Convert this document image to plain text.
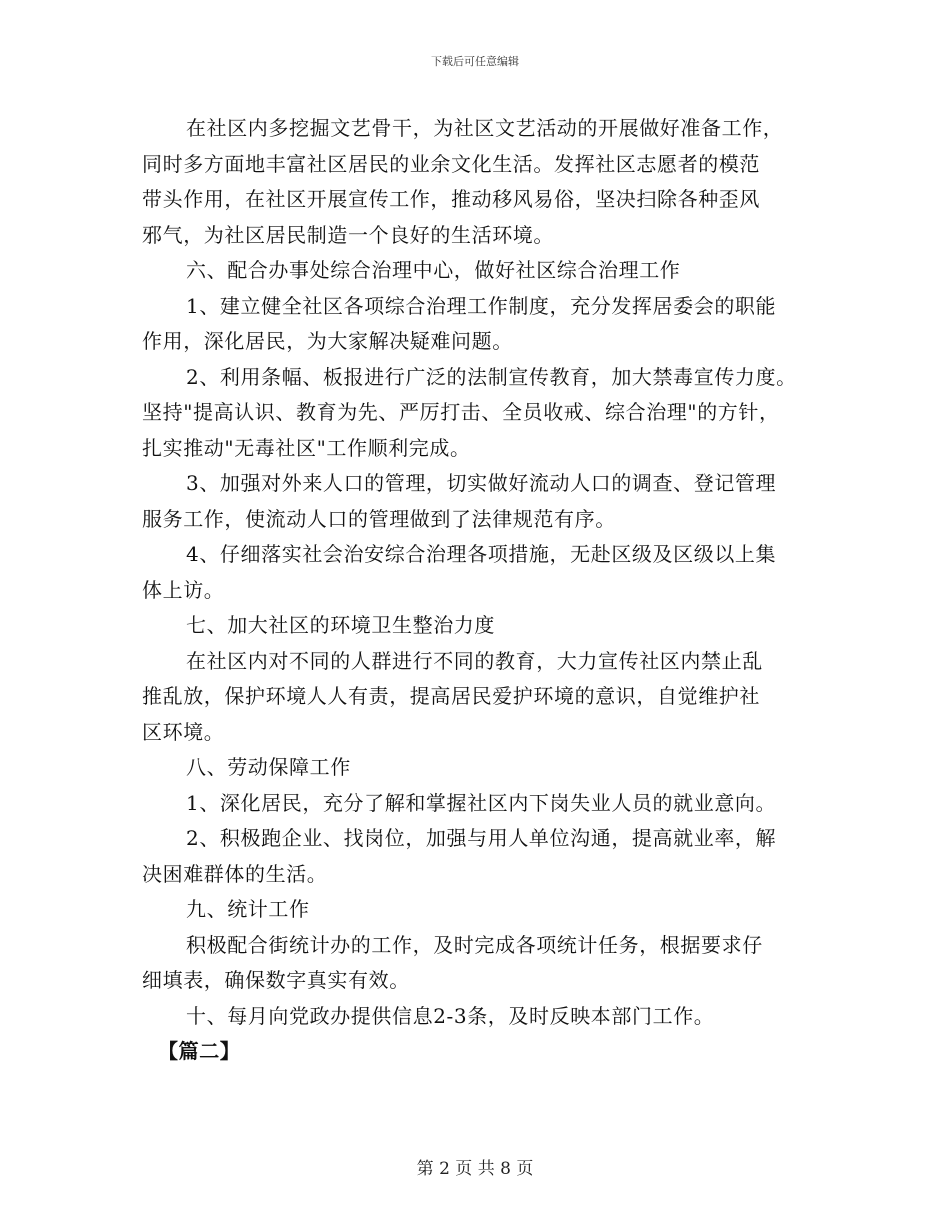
下载后可任意编辑
在社区内多挖掘文艺骨干，为社区文艺活动的开展做好准备工作，
同时多方面地丰富社区居民的业余文化生活。发挥社区志愿者的模范
带头作用，在社区开展宣传工作，推动移风易俗，坚决扫除各种歪风
邪气，为社区居民制造一个良好的生活环境。
六、配合办事处综合治理中心，做好社区综合治理工作
1、建立健全社区各项综合治理工作制度，充分发挥居委会的职能
作用，深化居民，为大家解决疑难问题。
2、利用条幅、板报进行广泛的法制宣传教育，加大禁毒宣传力度。
坚持"提高认识、教育为先、严厉打击、全员收戒、综合治理"的方针，
扎实推动"无毒社区"工作顺利完成。
3、加强对外来人口的管理，切实做好流动人口的调查、登记管理
服务工作，使流动人口的管理做到了法律规范有序。
4、仔细落实社会治安综合治理各项措施，无赴区级及区级以上集
体上访。
七、加大社区的环境卫生整治力度
在社区内对不同的人群进行不同的教育，大力宣传社区内禁止乱
推乱放，保护环境人人有责，提高居民爱护环境的意识，自觉维护社
区环境。
八、劳动保障工作
1、深化居民，充分了解和掌握社区内下岗失业人员的就业意向。
2、积极跑企业、找岗位，加强与用人单位沟通，提高就业率，解
决困难群体的生活。
九、统计工作
积极配合街统计办的工作，及时完成各项统计任务，根据要求仔
细填表，确保数字真实有效。
十、每月向党政办提供信息2-3条，及时反映本部门工作。
【篇二】
第 2 页 共 8 页
